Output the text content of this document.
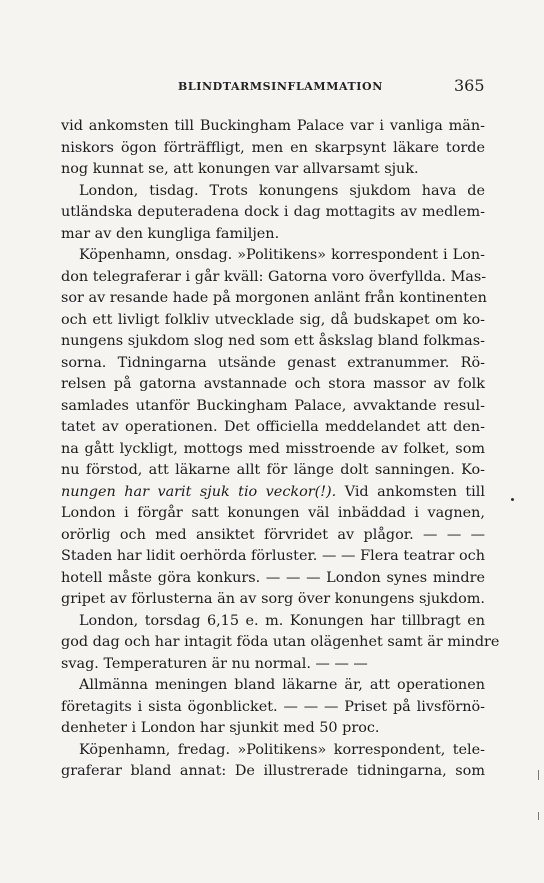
BLINDTARMSINFLAMMATION	365
vid ankomsten till Buckingham Palace var i vanliga män-
niskors ögon förträffligt, men en skarpsynt läkare torde
nog kunnat se, att konungen var allvarsamt sjuk.
London, tisdag. Trots konungens sjukdom hava de
utländska deputeradena dock i dag mottagits av medlem-
mar av den kungliga familjen.
Köpenhamn, onsdag. »Politikens» korrespondent i Lon-
don telegraferar i går kväll: Gatorna voro överfyllda. Mas-
sor av resande hade på morgonen anlänt från kontinenten
och ett livligt folkliv utvecklade sig, då budskapet om ko-
nungens sjukdom slog ned som ett åskslag bland folkmas-
sorna. Tidningarna utsände genast extranummer. Rö-
relsen på gatorna avstannade och stora massor av folk
samlades utanför Buckingham Palace, avvaktande resul-
tatet av operationen. Det officiella meddelandet att den-
na gått lyckligt, mottogs med misstroende av folket, som
nu förstod, att läkarne allt för länge dolt sanningen. Ko-
nungen har varit sjuk tio veckor(!). Vid ankomsten till
London i förgår satt konungen väl inbäddad i vagnen,
orörlig och med ansiktet förvridet av plågor. — — —
Staden har lidit oerhörda förluster. — — Flera teatrar och
hotell måste göra konkurs. — — — London synes mindre
gripet av förlusterna än av sorg över konungens sjukdom.
London, torsdag 6,15 e. m. Konungen har tillbragt en
god dag och har intagit föda utan olägenhet samt är mindre
svag. Temperaturen är nu normal. — — —
Allmänna meningen bland läkarne är, att operationen
företagits i sista ögonblicket. — — — Priset på livsförnö-
denheter i London har sjunkit med 50 proc.
Köpenhamn, fredag. »Politikens» korrespondent, tele-
graferar bland annat: De illustrerade tidningarna, som
